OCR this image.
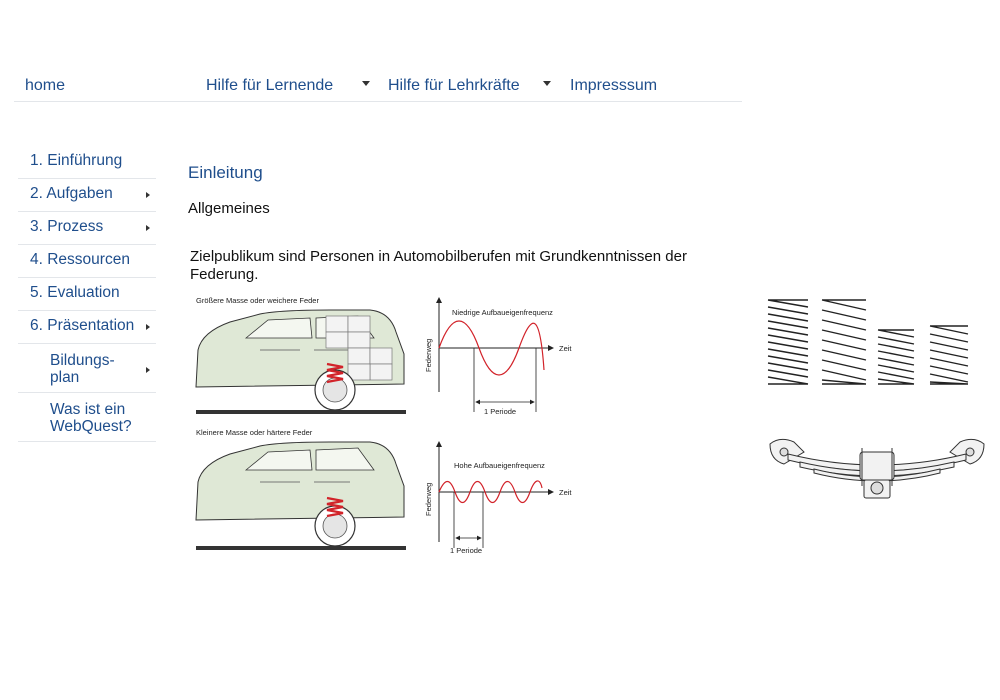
home	Hilfe für Lernende	Hilfe für Lehrkräfte	Impresssum
1. Einführung
2. Aufgaben
3. Prozess
4. Ressourcen
5. Evaluation
6. Präsentation
Bildungs-
plan
Was ist ein
WebQuest?
Einleitung
Allgemeines
Zielpublikum sind Personen in Automobilberufen mit Grundkenntnissen der Federung.
Größere Masse oder weichere Feder
Niedrige Aufbaueigenfrequenz
Zeit
Federweg
1 Periode
Kleinere Masse oder härtere Feder
Hohe Aufbaueigenfrequenz
Zeit
Federweg
1 Periode
